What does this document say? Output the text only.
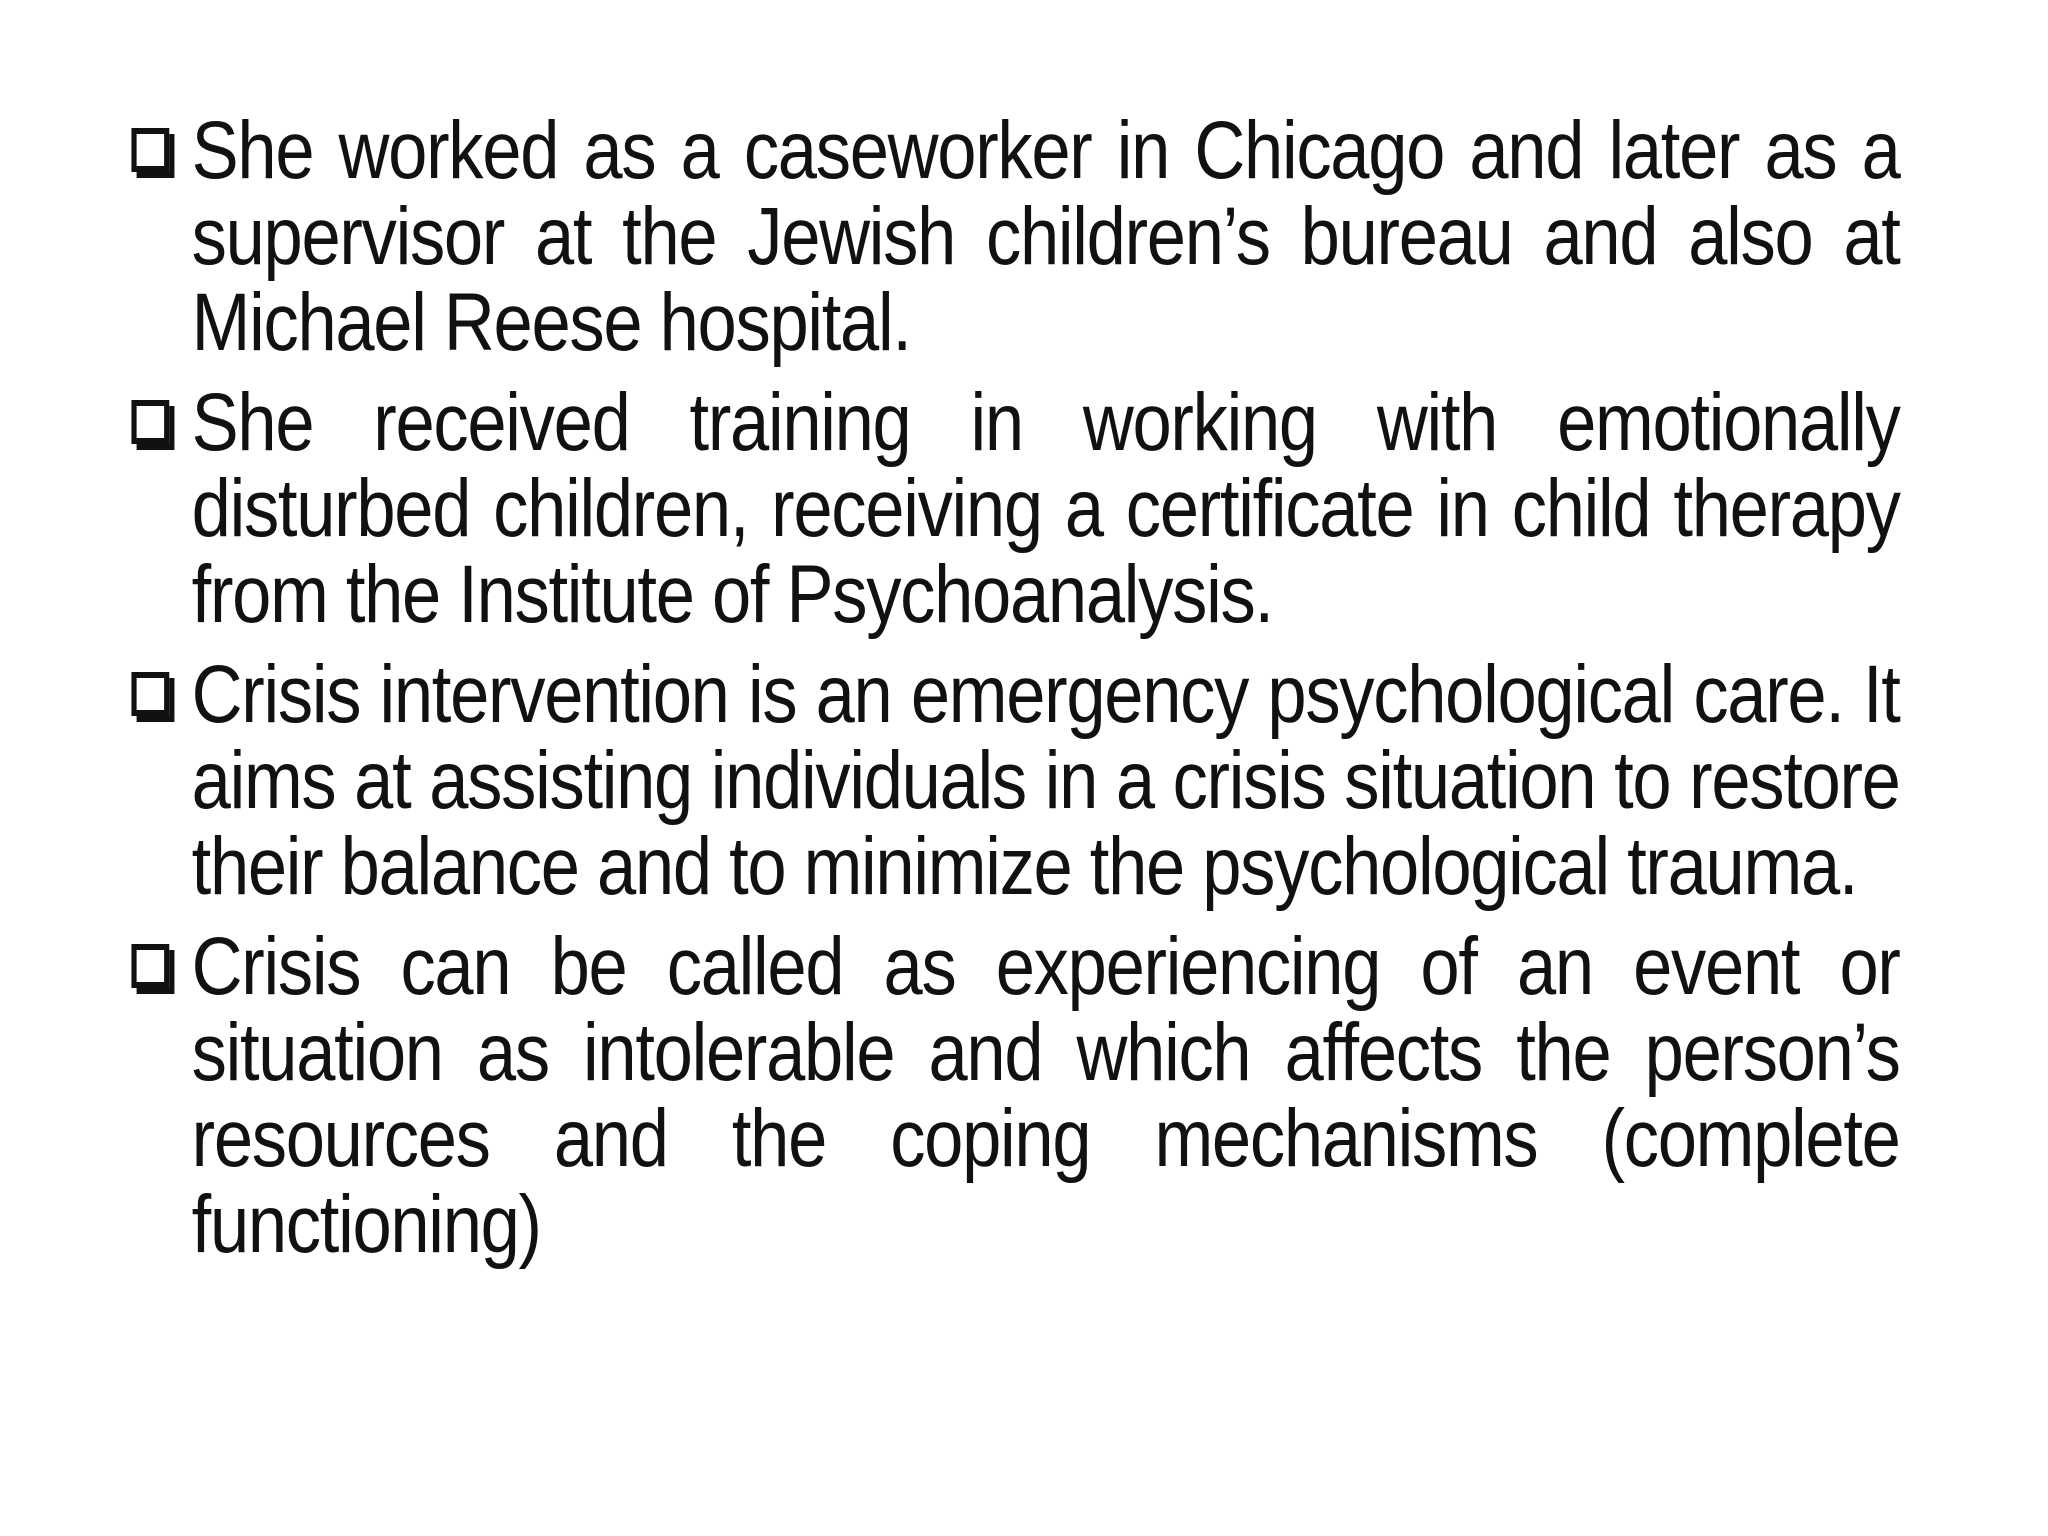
She worked as a caseworker in Chicago and later as a supervisor at the Jewish children’s bureau and also at Michael Reese hospital.
She received training in working with emotionally disturbed children, receiving a certificate in child therapy from the Institute of Psychoanalysis.
Crisis intervention is an emergency psychological care. It aims at assisting individuals in a crisis situation to restore their balance and to minimize the psychological trauma.
Crisis can be called as experiencing of an event or situation as intolerable and which affects the person’s resources and the coping mechanisms (complete functioning)
